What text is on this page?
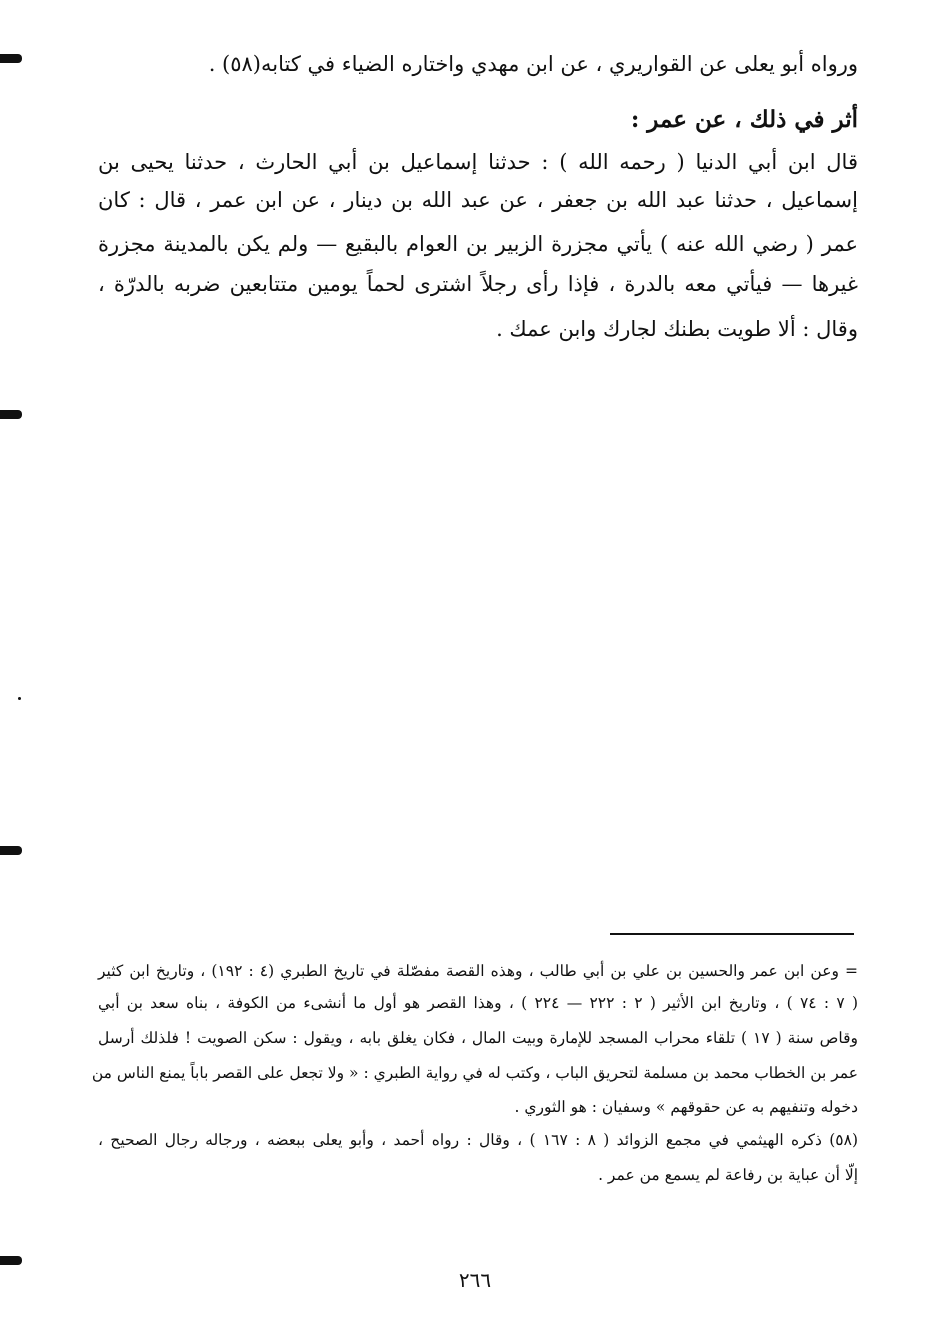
ورواه أبو يعلى عن القواريري ، عن ابن مهدي واختاره الضياء في كتابه(٥٨) .
أثر في ذلك ، عن عمر :
قال ابن أبي الدنيا ( رحمه الله ) : حدثنا إسماعيل بن أبي الحارث ، حدثنا يحيى بن
إسماعيل ، حدثنا عبد الله بن جعفر ، عن عبد الله بن دينار ، عن ابن عمر ، قال : كان
عمر ( رضي الله عنه ) يأتي مجزرة الزبير بن العوام بالبقيع — ولم يكن بالمدينة مجزرة
غيرها — فيأتي معه بالدرة ، فإذا رأى رجلاً اشترى لحماً يومين متتابعين ضربه بالدرّة ،
وقال : ألا طويت بطنك لجارك وابن عمك .
= وعن ابن عمر والحسين بن علي بن أبي طالب ، وهذه القصة مفصّلة في تاريخ الطبري (٤ : ١٩٢) ، وتاريخ ابن كثير
( ٧ : ٧٤ ) ، وتاريخ ابن الأثير ( ٢ : ٢٢٢ — ٢٢٤ ) ، وهذا القصر هو أول ما أنشىء من الكوفة ، بناه سعد بن أبي
وقاص سنة ( ١٧ ) تلقاء محراب المسجد للإمارة وبيت المال ، فكان يغلق بابه ، ويقول : سكن الصويت ! فلذلك أرسل
عمر بن الخطاب محمد بن مسلمة لتحريق الباب ، وكتب له في رواية الطبري : « ولا تجعل على القصر باباً يمنع الناس من
دخوله وتنفيهم به عن حقوقهم » وسفيان : هو الثوري .
(٥٨) ذكره الهيثمي في مجمع الزوائد ( ٨ : ١٦٧ ) ، وقال : رواه أحمد ، وأبو يعلى ببعضه ، ورجاله رجال الصحيح ،
إلّا أن عباية بن رفاعة لم يسمع من عمر .
٢٦٦
